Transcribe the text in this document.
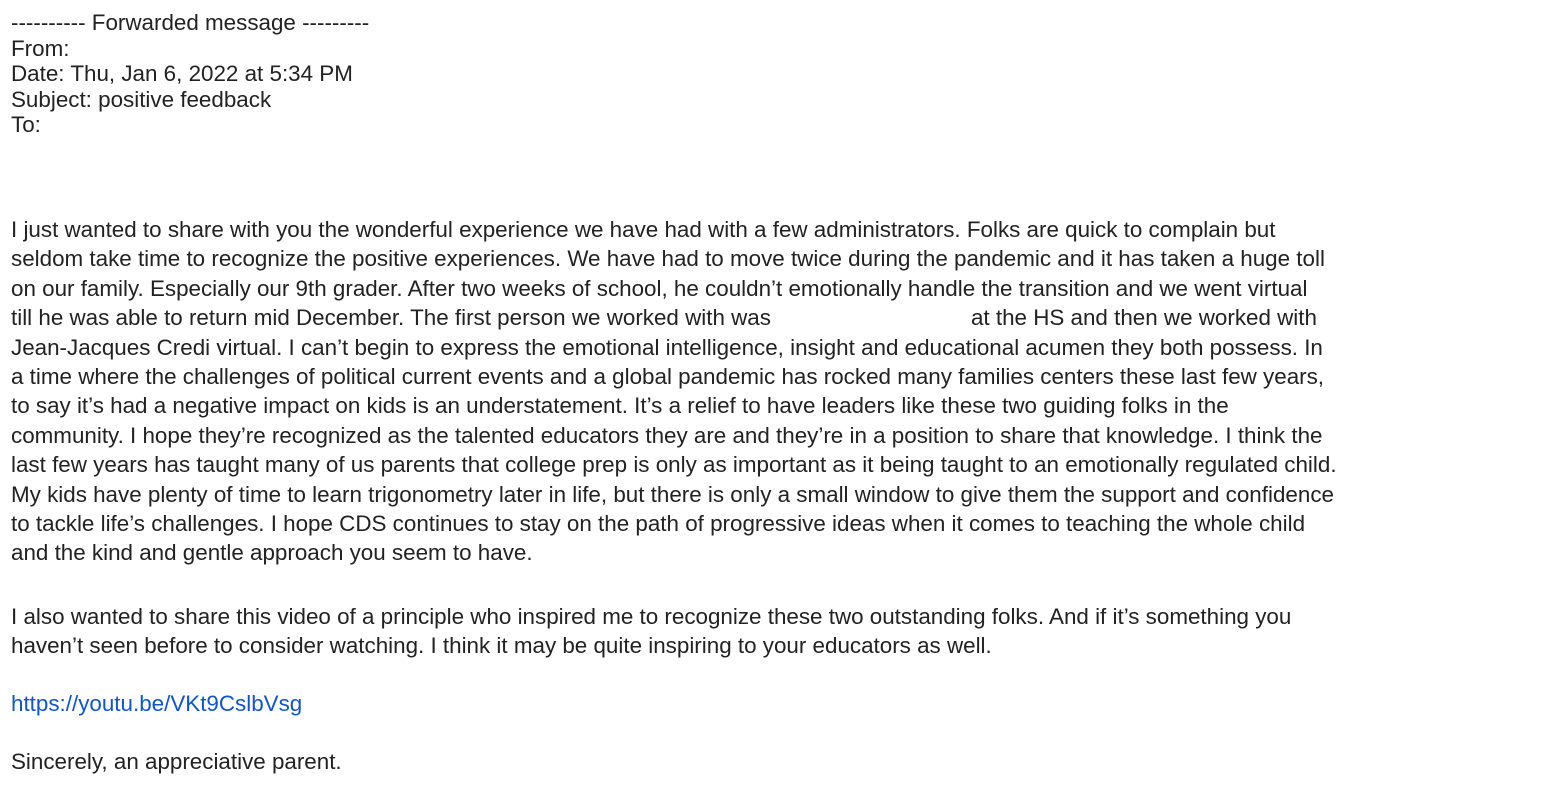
---------- Forwarded message ---------
From:
Date: Thu, Jan 6, 2022 at 5:34 PM
Subject: positive feedback
To:
I just wanted to share with you the wonderful experience we have had with a few administrators. Folks are quick to complain but
seldom take time to recognize the positive experiences. We have had to move twice during the pandemic and it has taken a huge toll
on our family. Especially our 9th grader. After two weeks of school, he couldn’t emotionally handle the transition and we went virtual
till he was able to return mid December. The first person we worked with was	at the HS and then we worked with
Jean-Jacques Credi virtual. I can’t begin to express the emotional intelligence, insight and educational acumen they both possess. In
a time where the challenges of political current events and a global pandemic has rocked many families centers these last few years,
to say it’s had a negative impact on kids is an understatement. It’s a relief to have leaders like these two guiding folks in the
community. I hope they’re recognized as the talented educators they are and they’re in a position to share that knowledge. I think the
last few years has taught many of us parents that college prep is only as important as it being taught to an emotionally regulated child.
My kids have plenty of time to learn trigonometry later in life, but there is only a small window to give them the support and confidence
to tackle life’s challenges. I hope CDS continues to stay on the path of progressive ideas when it comes to teaching the whole child
and the kind and gentle approach you seem to have.
I also wanted to share this video of a principle who inspired me to recognize these two outstanding folks. And if it’s something you
haven’t seen before to consider watching. I think it may be quite inspiring to your educators as well.
https://youtu.be/VKt9CslbVsg
Sincerely, an appreciative parent.
